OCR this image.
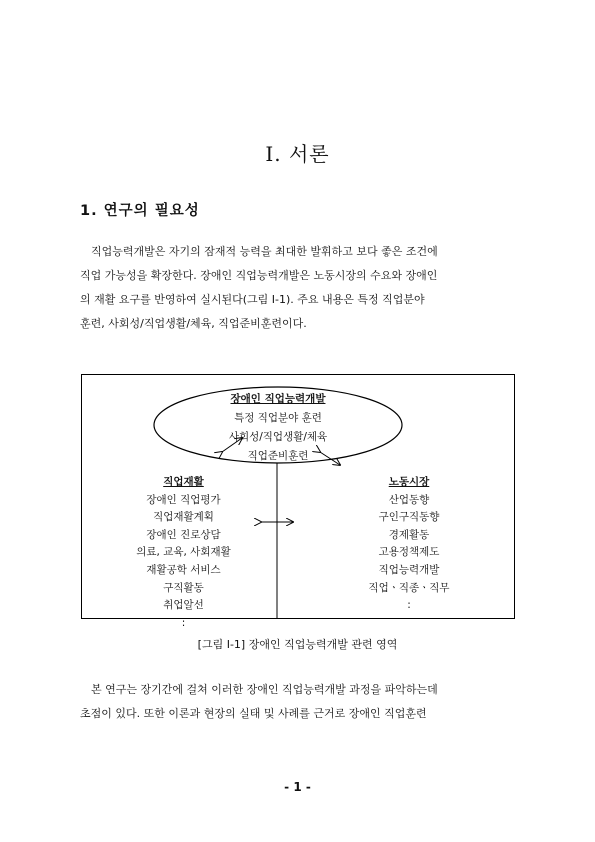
I. 서론
1. 연구의 필요성
직업능력개발은 자기의 잠재적 능력을 최대한 발휘하고 보다 좋은 조건에
직업 가능성을 확장한다. 장애인 직업능력개발은 노동시장의 수요와 장애인
의 재활 요구를 반영하여 실시된다(그림 I-1). 주요 내용은 특정 직업분야
훈련, 사회성/직업생활/체육, 직업준비훈련이다.
장애인 직업능력개발
특정 직업분야 훈련
사회성/직업생활/체육
직업준비훈련
직업재활
장애인 직업평가
직업재활계획
장애인 진로상담
의료, 교육, 사회재활
재활공학 서비스
구직활동
취업알선
:
노동시장
산업동향
구인구직동향
경제활동
고용정책제도
직업능력개발
직업ㆍ직종ㆍ직무
:
[그림 I-1] 장애인 직업능력개발 관련 영역
본 연구는 장기간에 걸쳐 이러한 장애인 직업능력개발 과정을 파악하는데
초점이 있다. 또한 이론과 현장의 실태 및 사례를 근거로 장애인 직업훈련
- 1 -
